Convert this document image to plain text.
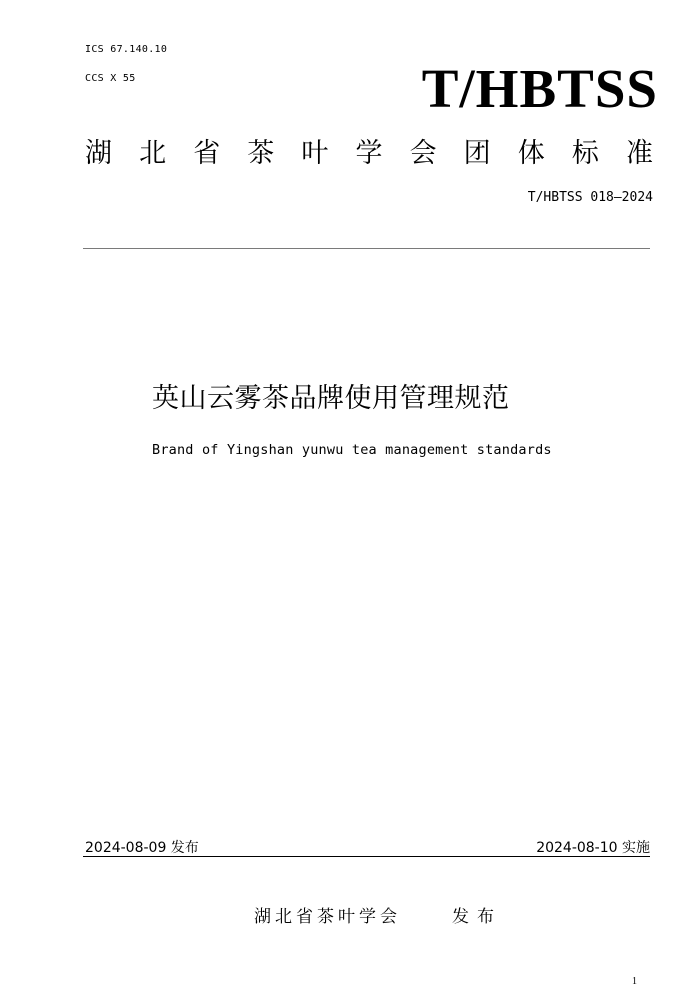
ICS 67.140.10
CCS X 55	T/HBTSS
湖 北 省 茶 叶 学 会 团 体 标 准
T/HBTSS 018—2024
英山云雾茶品牌使用管理规范
Brand of Yingshan yunwu tea management standards
2024-08-09 发布	2024-08-10 实施
湖北省茶叶学会	发布
1
